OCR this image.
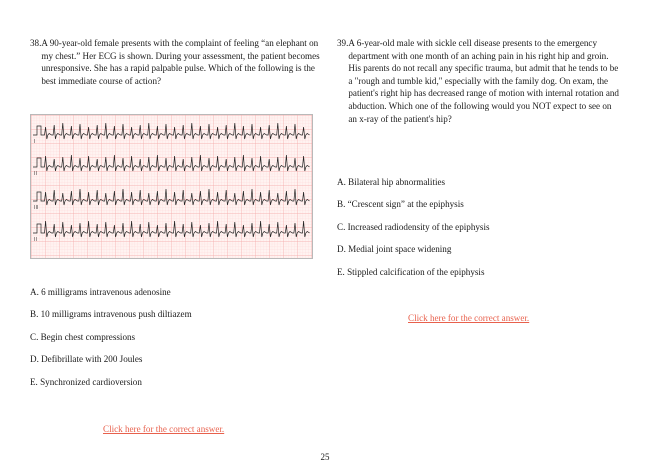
38. A 90-year-old female presents with the complaint of feeling “an elephant on my chest.” Her ECG is shown. During your assessment, the patient becomes unresponsive. She has a rapid palpable pulse. Which of the following is the best immediate course of action?
I
II
III
II
A. 6 milligrams intravenous adenosine
B. 10 milligrams intravenous push diltiazem
C. Begin chest compressions
D. Defibrillate with 200 Joules
E. Synchronized cardioversion
Click here for the correct answer.
39. A 6-year-old male with sickle cell disease presents to the emergency department with one month of an aching pain in his right hip and groin. His parents do not recall any specific trauma, but admit that he tends to be a "rough and tumble kid," especially with the family dog. On exam, the patient's right hip has decreased range of motion with internal rotation and abduction. Which one of the following would you NOT expect to see on an x-ray of the patient's hip?
A. Bilateral hip abnormalities
B. “Crescent sign” at the epiphysis
C. Increased radiodensity of the epiphysis
D. Medial joint space widening
E. Stippled calcification of the epiphysis
Click here for the correct answer.
25
